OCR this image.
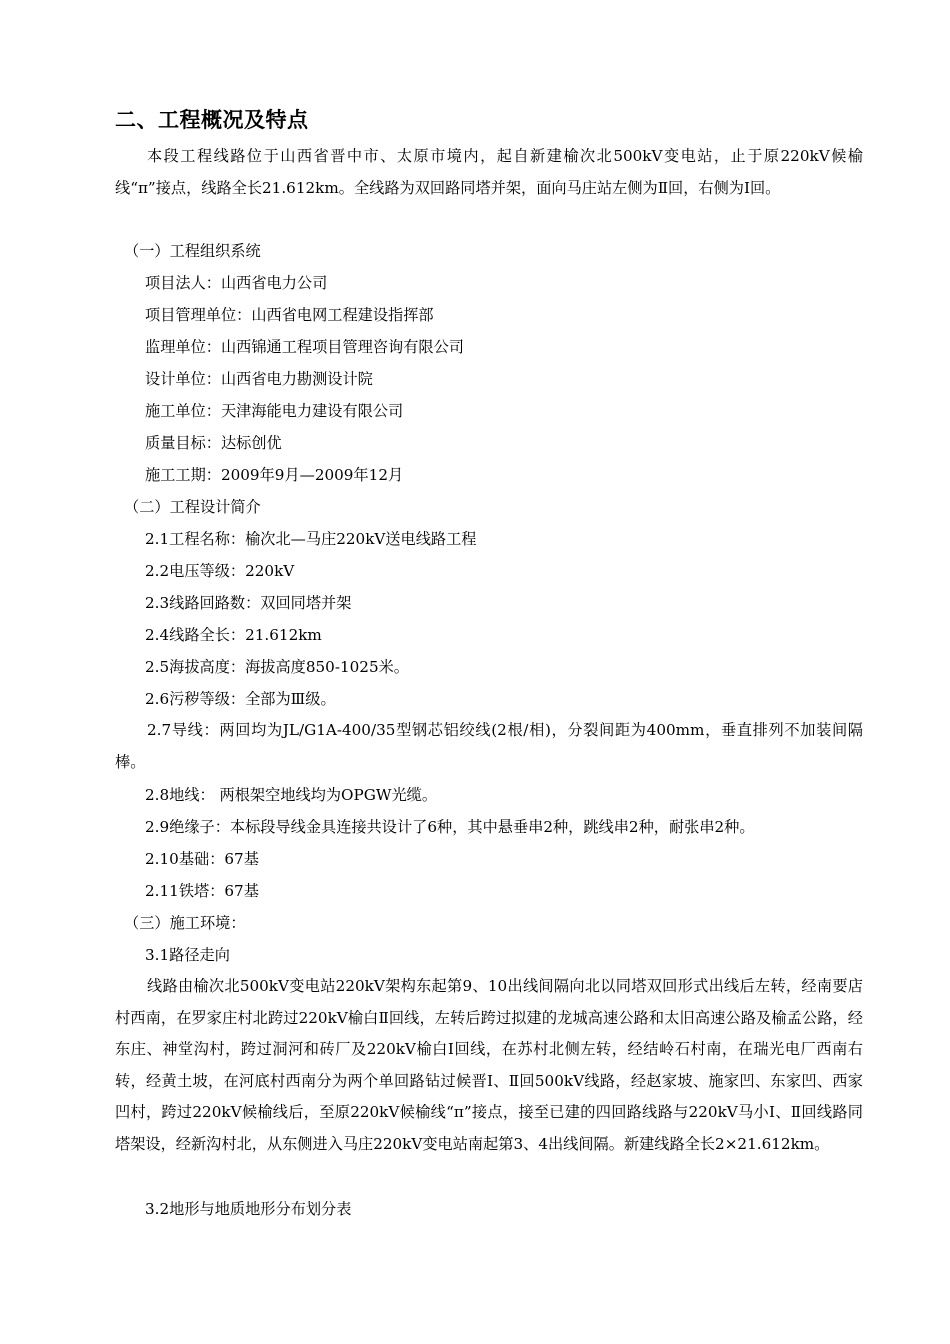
二、工程概况及特点
本段工程线路位于山西省晋中市、太原市境内，起自新建榆次北500kV变电站，止于原220kV候榆线“π”接点，线路全长21.612km。全线路为双回路同塔并架，面向马庄站左侧为Ⅱ回，右侧为Ⅰ回。
（一）工程组织系统
项目法人：山西省电力公司
项目管理单位：山西省电网工程建设指挥部
监理单位：山西锦通工程项目管理咨询有限公司
设计单位：山西省电力勘测设计院
施工单位：天津海能电力建设有限公司
质量目标：达标创优
施工工期：2009年9月—2009年12月
（二）工程设计简介
2.1工程名称：榆次北—马庄220kV送电线路工程
2.2电压等级：220kV
2.3线路回路数：双回同塔并架
2.4线路全长：21.612km
2.5海拔高度：海拔高度850-1025米。
2.6污秽等级：全部为Ⅲ级。
2.7导线：两回均为JL/G1A-400/35型钢芯铝绞线(2根/相)，分裂间距为400mm，垂直排列不加装间隔棒。
2.8地线： 两根架空地线均为OPGW光缆。
2.9绝缘子：本标段导线金具连接共设计了6种，其中悬垂串2种，跳线串2种，耐张串2种。
2.10基础：67基
2.11铁塔：67基
（三）施工环境：
3.1路径走向
线路由榆次北500kV变电站220kV架构东起第9、10出线间隔向北以同塔双回形式出线后左转，经南要店村西南，在罗家庄村北跨过220kV榆白Ⅱ回线，左转后跨过拟建的龙城高速公路和太旧高速公路及榆孟公路，经东庄、神堂沟村，跨过洞河和砖厂及220kV榆白Ⅰ回线，在苏村北侧左转，经结岭石村南，在瑞光电厂西南右转，经黄土坡，在河底村西南分为两个单回路钻过候晋Ⅰ、Ⅱ回500kV线路，经赵家坡、施家凹、东家凹、西家凹村，跨过220kV候榆线后，至原220kV候榆线“π”接点，接至已建的四回路线路与220kV马小Ⅰ、Ⅱ回线路同塔架设，经新沟村北，从东侧进入马庄220kV变电站南起第3、4出线间隔。新建线路全长2×21.612km。
3.2地形与地质地形分布划分表
